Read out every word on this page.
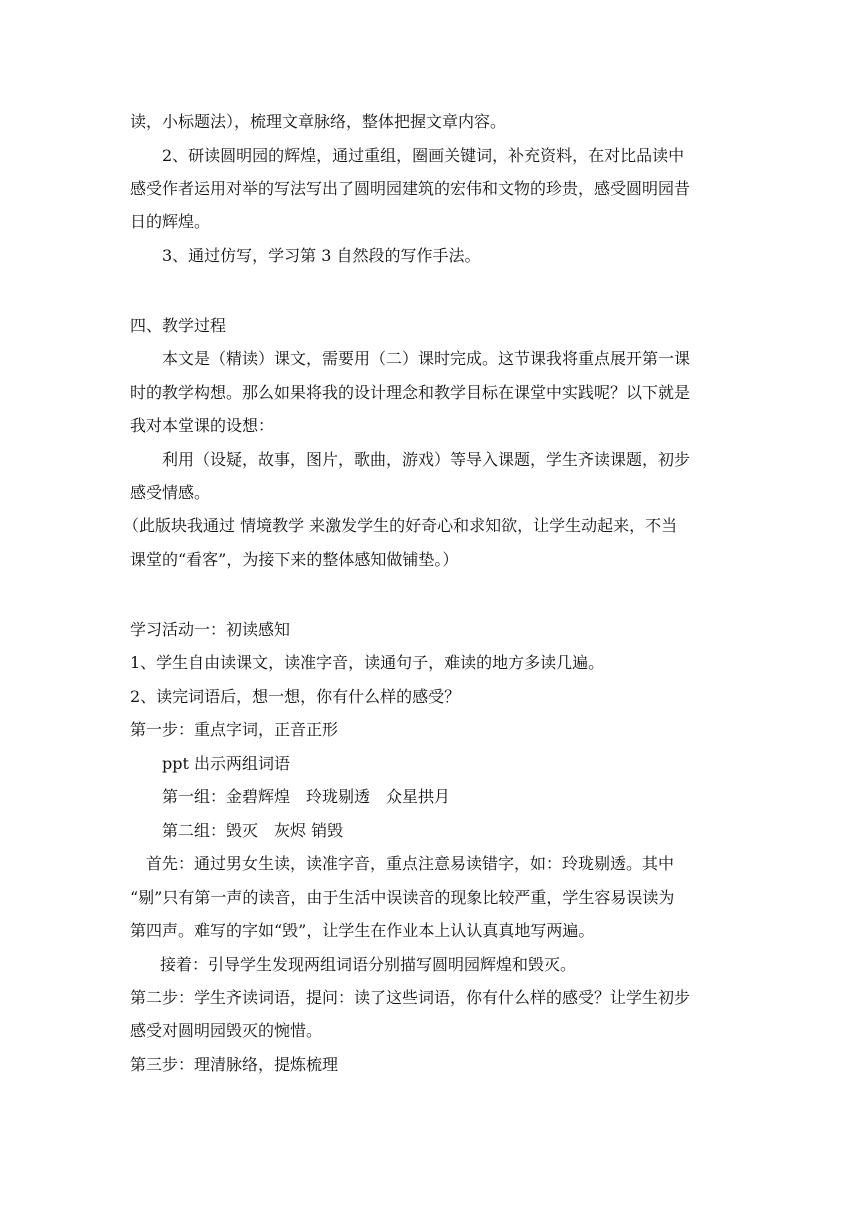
读，小标题法），梳理文章脉络，整体把握文章内容。
2、研读圆明园的辉煌，通过重组，圈画关键词，补充资料，在对比品读中
感受作者运用对举的写法写出了圆明园建筑的宏伟和文物的珍贵，感受圆明园昔
日的辉煌。
3、通过仿写，学习第 3 自然段的写作手法。
四、教学过程
本文是（精读）课文，需要用（二）课时完成。这节课我将重点展开第一课
时的教学构想。那么如果将我的设计理念和教学目标在课堂中实践呢？以下就是
我对本堂课的设想：
利用（设疑，故事，图片，歌曲，游戏）等导入课题，学生齐读课题，初步
感受情感。
（此版块我通过 情境教学 来激发学生的好奇心和求知欲，让学生动起来，不当
课堂的“看客”，为接下来的整体感知做铺垫。）
学习活动一：初读感知
1、学生自由读课文，读准字音，读通句子，难读的地方多读几遍。
2、读完词语后，想一想，你有什么样的感受？
第一步：重点字词，正音正形
ppt 出示两组词语
第一组：金碧辉煌　玲珑剔透　众星拱月
第二组：毁灭　灰烬 销毁
首先：通过男女生读，读准字音，重点注意易读错字，如：玲珑剔透。其中
“剔”只有第一声的读音，由于生活中误读音的现象比较严重，学生容易误读为
第四声。难写的字如“毁”，让学生在作业本上认认真真地写两遍。
接着：引导学生发现两组词语分别描写圆明园辉煌和毁灭。
第二步：学生齐读词语，提问：读了这些词语，你有什么样的感受？让学生初步
感受对圆明园毁灭的惋惜。
第三步：理清脉络，提炼梳理
